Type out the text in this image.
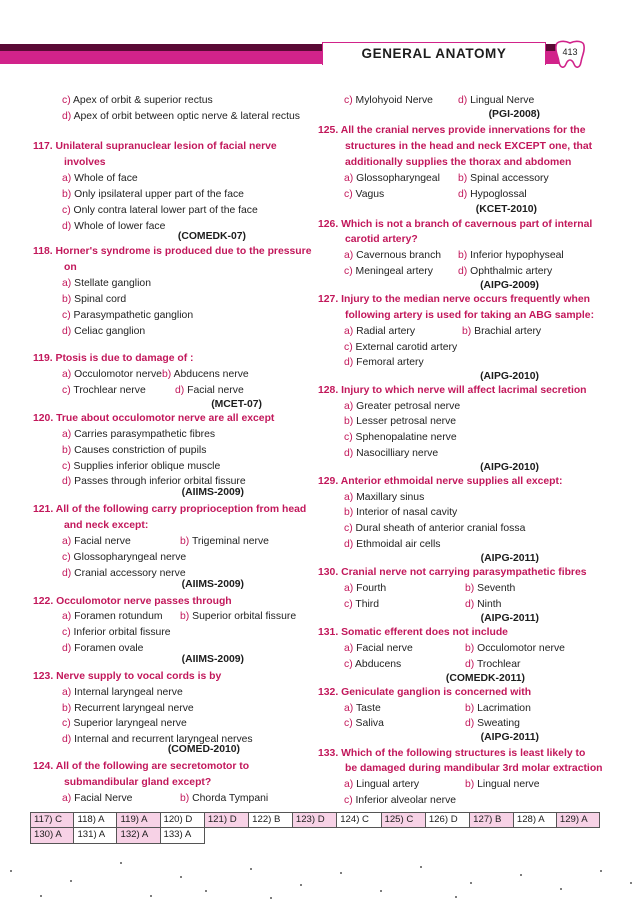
GENERAL ANATOMY	413
c) Apex of orbit & superior rectus
d) Apex of orbit between optic nerve & lateral rectus
117. Unilateral supranuclear lesion of facial nerve
involves
a) Whole of face
b) Only ipsilateral upper part of the face
c) Only contra lateral lower part of the face
d) Whole of lower face
(COMEDK-07)
118. Horner's syndrome is produced due to the pressure
on
a) Stellate ganglion
b) Spinal cord
c) Parasympathetic ganglion
d) Celiac ganglion
119. Ptosis is due to damage of :
a) Occulomotor nerve b) Abducens nerve
c) Trochlear nerve	d) Facial nerve
(MCET-07)
120. True about occulomotor nerve are all except
a) Carries parasympathetic fibres
b) Causes constriction of pupils
c) Supplies inferior oblique muscle
d) Passes through inferior orbital fissure
(AIIMS-2009)
121. All of the following carry proprioception from head
and neck except:
a) Facial nerve	b) Trigeminal nerve
c) Glossopharyngeal nerve
d) Cranial accessory nerve
(AIIMS-2009)
122. Occulomotor nerve passes through
a) Foramen rotundum b) Superior orbital fissure
c) Inferior orbital fissure
d) Foramen ovale
(AIIMS-2009)
123. Nerve supply to vocal cords is by
a) Internal laryngeal nerve
b) Recurrent laryngeal nerve
c) Superior laryngeal nerve
d) Internal and recurrent laryngeal nerves
(COMED-2010)
124. All of the following are secretomotor to
submandibular gland except?
a) Facial Nerve	b) Chorda Tympani
c) Mylohyoid Nerve d) Lingual Nerve
(PGI-2008)
125. All the cranial nerves provide innervations for the
structures in the head and neck EXCEPT one, that
additionally supplies the thorax and abdomen
a) Glossopharyngeal b) Spinal accessory
c) Vagus	d) Hypoglossal
(KCET-2010)
126. Which is not a branch of cavernous part of internal
carotid artery?
a) Cavernous branch b) Inferior hypophyseal
c) Meningeal artery d) Ophthalmic artery
(AIPG-2009)
127. Injury to the median nerve occurs frequently when
following artery is used for taking an ABG sample:
a) Radial artery	b) Brachial artery
c) External carotid artery
d) Femoral artery
(AIPG-2010)
128. Injury to which nerve will affect lacrimal secretion
a) Greater petrosal nerve
b) Lesser petrosal nerve
c) Sphenopalatine nerve
d) Nasocilliary nerve
(AIPG-2010)
129. Anterior ethmoidal nerve supplies all except:
a) Maxillary sinus
b) Interior of nasal cavity
c) Dural sheath of anterior cranial fossa
d) Ethmoidal air cells
(AIPG-2011)
130. Cranial nerve not carrying parasympathetic fibres
a) Fourth	b) Seventh
c) Third	d) Ninth
(AIPG-2011)
131. Somatic efferent does not include
a) Facial nerve	b) Occulomotor nerve
c) Abducens	d) Trochlear
(COMEDK-2011)
132. Geniculate ganglion is concerned with
a) Taste	b) Lacrimation
c) Saliva	d) Sweating
(AIPG-2011)
133. Which of the following structures is least likely to
be damaged during mandibular 3rd molar extraction
a) Lingual artery	b) Lingual nerve
c) Inferior alveolar nerve
117) C	118) A	119) A	120) D	121) D	122) B	123) D	124) C	125) C	126) D	127) B	128) A	129) A
130) A	131) A	132) A	133) A									
